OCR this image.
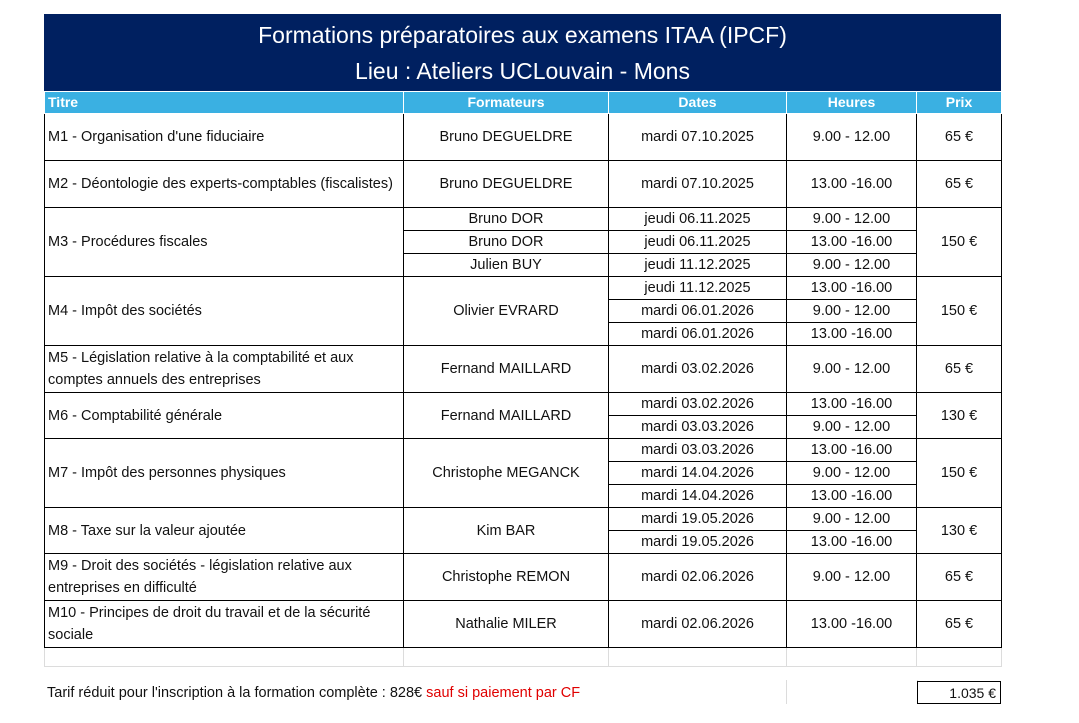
Formations préparatoires aux examens ITAA (IPCF)
Lieu : Ateliers UCLouvain - Mons
Titre	Formateurs	Dates	Heures	Prix
M1 - Organisation d'une fiduciaire	Bruno DEGUELDRE	mardi 07.10.2025	9.00 - 12.00	65 €
M2 - Déontologie des experts-comptables (fiscalistes)	Bruno DEGUELDRE	mardi 07.10.2025	13.00 -16.00	65 €
M3 - Procédures fiscales	Bruno DOR	jeudi 06.11.2025	9.00 - 12.00	150 €
	Bruno DOR	jeudi 06.11.2025	13.00 -16.00	
	Julien BUY	jeudi 11.12.2025	9.00 - 12.00	
M4 - Impôt des sociétés	Olivier EVRARD	jeudi 11.12.2025	13.00 -16.00	150 €
		mardi 06.01.2026	9.00 - 12.00	
		mardi 06.01.2026	13.00 -16.00	
M5 - Législation relative à la comptabilité et aux comptes annuels des entreprises	Fernand MAILLARD	mardi 03.02.2026	9.00 - 12.00	65 €
M6 - Comptabilité générale	Fernand MAILLARD	mardi 03.02.2026	13.00 -16.00	130 €
		mardi 03.03.2026	9.00 - 12.00	
M7 - Impôt des personnes physiques	Christophe MEGANCK	mardi 03.03.2026	13.00 -16.00	150 €
		mardi 14.04.2026	9.00 - 12.00	
		mardi 14.04.2026	13.00 -16.00	
M8 - Taxe sur la valeur ajoutée	Kim BAR	mardi 19.05.2026	9.00 - 12.00	130 €
		mardi 19.05.2026	13.00 -16.00	
M9 - Droit des sociétés - législation relative aux entreprises en difficulté	Christophe REMON	mardi 02.06.2026	9.00 - 12.00	65 €
M10 - Principes de droit du travail et de la sécurité sociale	Nathalie MILER	mardi 02.06.2026	13.00 -16.00	65 €

Tarif réduit pour l'inscription à la formation complète : 828€ sauf si paiement par CF	1.035 €
